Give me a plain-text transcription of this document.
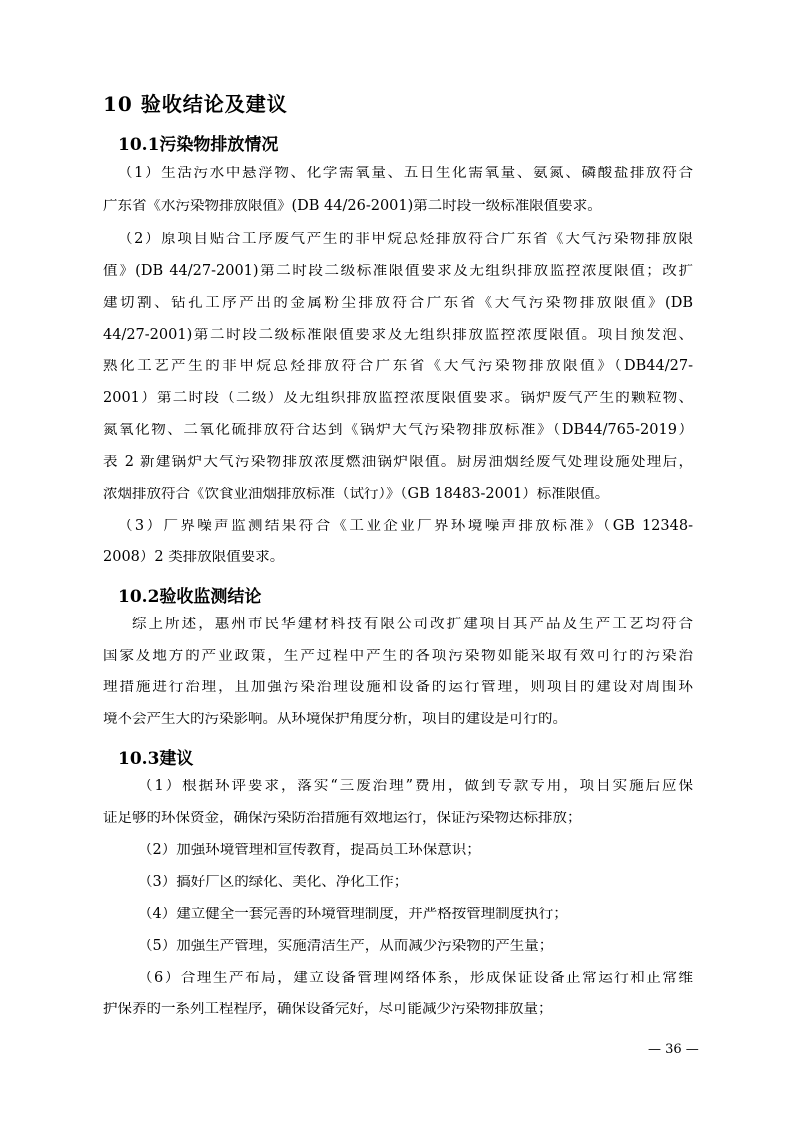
10 验收结论及建议
10.1污染物排放情况

（1）生活污水中悬浮物、化学需氧量、五日生化需氧量、氨氮、磷酸盐排放符合

广东省《水污染物排放限值》(DB 44/26-2001)第二时段一级标准限值要求。

（2）原项目贴合工序废气产生的非甲烷总烃排放符合广东省《大气污染物排放限

值》(DB 44/27-2001)第二时段二级标准限值要求及无组织排放监控浓度限值；改扩

建切割、钻孔工序产出的金属粉尘排放符合广东省《大气污染物排放限值》(DB

44/27-2001)第二时段二级标准限值要求及无组织排放监控浓度限值。项目预发泡、

熟化工艺产生的非甲烷总烃排放符合广东省《大气污染物排放限值》（DB44/27-

2001）第二时段（二级）及无组织排放监控浓度限值要求。锅炉废气产生的颗粒物、

氮氧化物、二氧化硫排放符合达到《锅炉大气污染物排放标准》（DB44/765-2019）

表 2 新建锅炉大气污染物排放浓度燃油锅炉限值。厨房油烟经废气处理设施处理后，

浓烟排放符合《饮食业油烟排放标准（试行）》（GB 18483-2001）标准限值。

（3）厂界噪声监测结果符合《工业企业厂界环境噪声排放标准》（GB 12348-

2008）2 类排放限值要求。

10.2验收监测结论

综上所述，惠州市民华建材科技有限公司改扩建项目其产品及生产工艺均符合

国家及地方的产业政策，生产过程中产生的各项污染物如能采取有效可行的污染治

理措施进行治理，且加强污染治理设施和设备的运行管理，则项目的建设对周围环

境不会产生大的污染影响。从环境保护角度分析，项目的建设是可行的。

10.3建议

（1）根据环评要求，落实“三废治理”费用，做到专款专用，项目实施后应保

证足够的环保资金，确保污染防治措施有效地运行，保证污染物达标排放；

（2）加强环境管理和宣传教育，提高员工环保意识；

（3）搞好厂区的绿化、美化、净化工作；

（4）建立健全一套完善的环境管理制度，并严格按管理制度执行；

（5）加强生产管理，实施清洁生产，从而减少污染物的产生量；

（6）合理生产布局，建立设备管理网络体系，形成保证设备正常运行和正常维

护保养的一系列工程程序，确保设备完好，尽可能减少污染物排放量；

— 36 —
